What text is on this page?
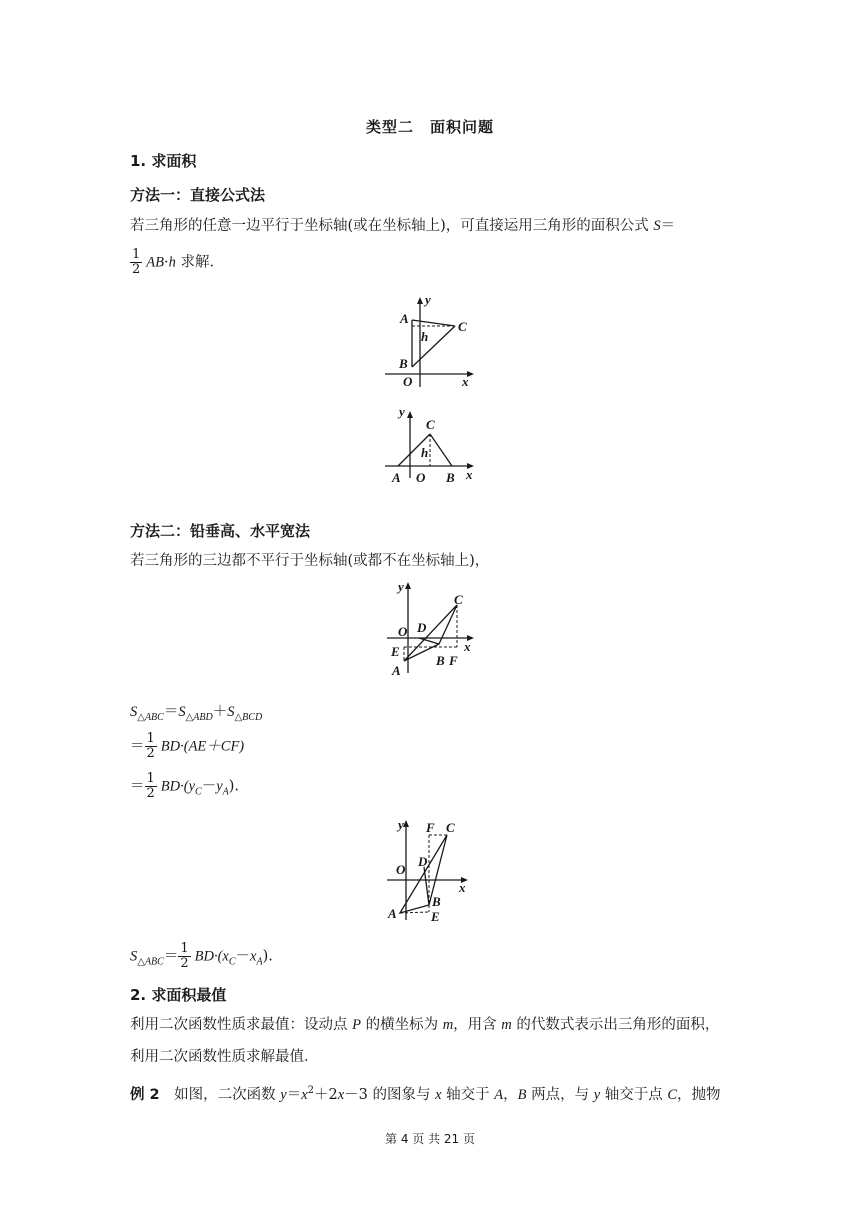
类型二　面积问题
1. 求面积
方法一：直接公式法
若三角形的任意一边平行于坐标轴(或在坐标轴上)，可直接运用三角形的面积公式 S＝
$\frac{1}{2} AB\cdot h$ 求解．
A
B
C
O
h
x
y
A O B
C
h
x
y
方法二：铅垂高、水平宽法
若三角形的三边都不平行于坐标轴(或都不在坐标轴上)，
A
B
C
D
E
F
O
x
y
$S_{\triangle ABC}=S_{\triangle ABD}+S_{\triangle BCD}$
＝ $\frac{1}{2} BD\cdot(AE+CF)$
＝ $\frac{1}{2} BD\cdot(y_C-y_A)$.
A
B
C
D
E
F
O
x
y
$S_{\triangle ABC}= \frac{1}{2} BD\cdot(x_C-x_A)$.
2. 求面积最值
利用二次函数性质求最值：设动点 P 的横坐标为 m，用含 m 的代数式表示出三角形的面积，
利用二次函数性质求解最值．
例 2　如图，二次函数 $y=x^2+2x-3$ 的图象与 x 轴交于 A，B 两点，与 y 轴交于点 C，抛物
第 4 页 共 21 页
